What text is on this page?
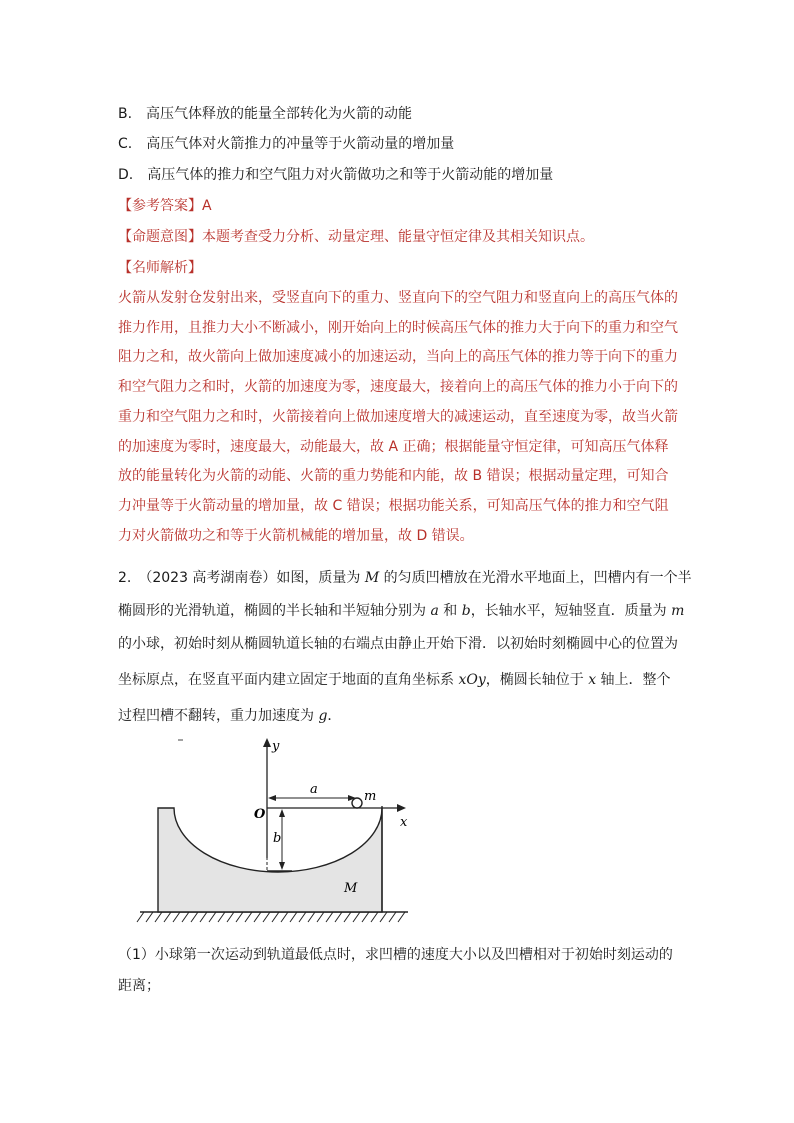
B.　高压气体释放的能量全部转化为火箭的动能
C.　高压气体对火箭推力的冲量等于火箭动量的增加量
D.　高压气体的推力和空气阻力对火箭做功之和等于火箭动能的增加量
【参考答案】A
【命题意图】本题考查受力分析、动量定理、能量守恒定律及其相关知识点。
【名师解析】
火箭从发射仓发射出来，受竖直向下的重力、竖直向下的空气阻力和竖直向上的高压气体的
推力作用，且推力大小不断减小，刚开始向上的时候高压气体的推力大于向下的重力和空气
阻力之和，故火箭向上做加速度减小的加速运动，当向上的高压气体的推力等于向下的重力
和空气阻力之和时，火箭的加速度为零，速度最大，接着向上的高压气体的推力小于向下的
重力和空气阻力之和时，火箭接着向上做加速度增大的减速运动，直至速度为零，故当火箭
的加速度为零时，速度最大，动能最大，故 A 正确；根据能量守恒定律，可知高压气体释
放的能量转化为火箭的动能、火箭的重力势能和内能，故 B 错误；根据动量定理，可知合
力冲量等于火箭动量的增加量，故 C 错误；根据功能关系，可知高压气体的推力和空气阻
力对火箭做功之和等于火箭机械能的增加量，故 D 错误。
2.　（2023 高考湖南卷）如图，质量为 M 的匀质凹槽放在光滑水平地面上，凹槽内有一个半
椭圆形的光滑轨道，椭圆的半长轴和半短轴分别为 a 和 b，长轴水平，短轴竖直．质量为 m
的小球，初始时刻从椭圆轨道长轴的右端点由静止开始下滑．以初始时刻椭圆中心的位置为
坐标原点，在竖直平面内建立固定于地面的直角坐标系 xOy，椭圆长轴位于 x 轴上．整个
过程凹槽不翻转，重力加速度为 g．
y
x
O
a
b
m
M
（1）小球第一次运动到轨道最低点时，求凹槽的速度大小以及凹槽相对于初始时刻运动的
距离；
